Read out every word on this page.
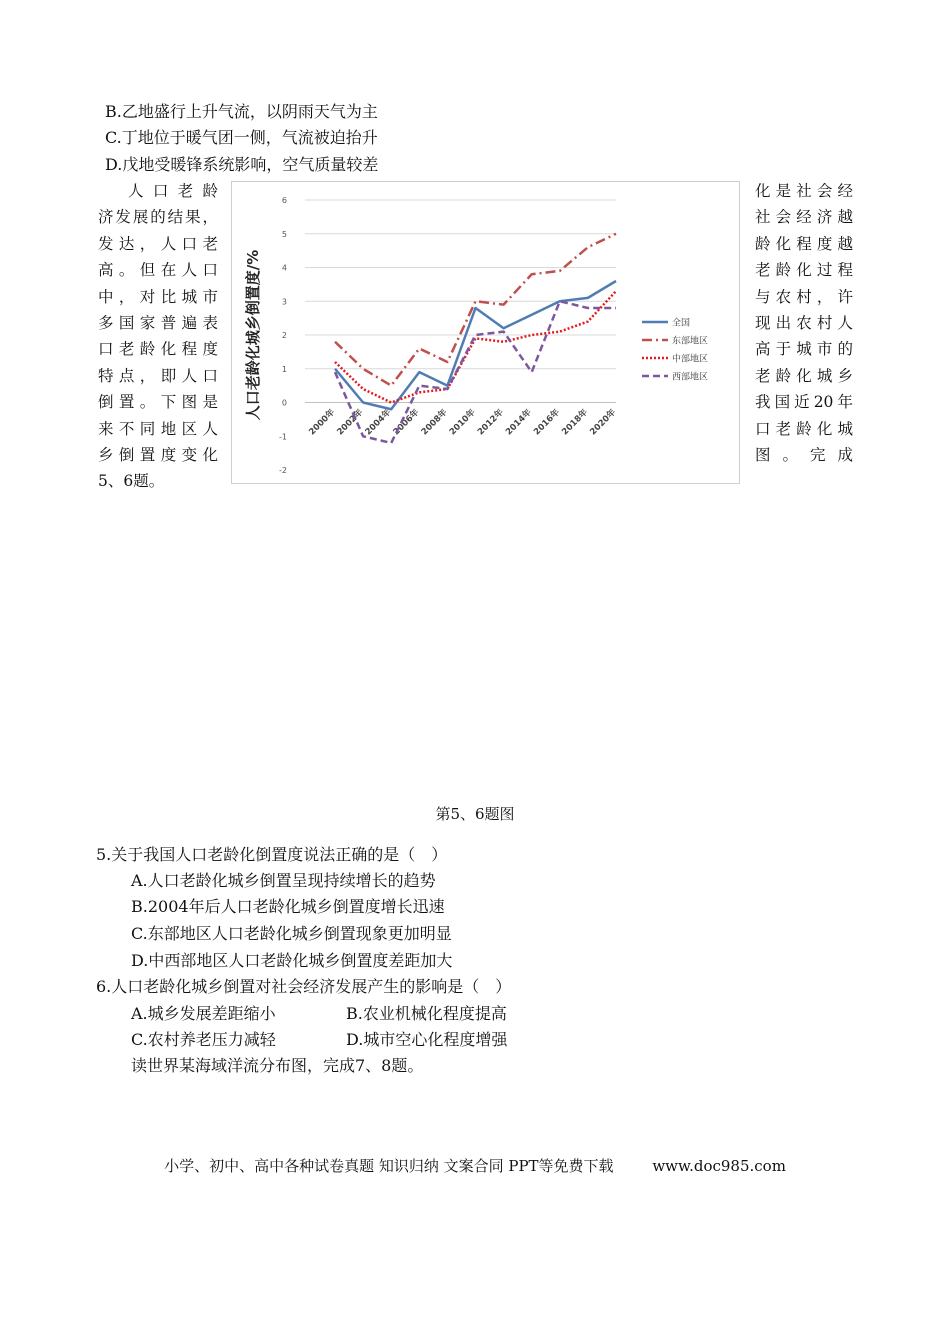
B.乙地盛行上升气流，以阴雨天气为主
C.丁地位于暖气团一侧，气流被迫抬升
D.戊地受暖锋系统影响，空气质量较差
人口老龄
济发展的结果，
发达，人口老
高。但在人口
中，对比城市
多国家普遍表
口老龄化程度
特点，即人口
倒置。下图是
来不同地区人
乡倒置度变化
5、6题。
化是社会经
社会经济越
龄化程度越
老龄化过程
与农村，许
现出农村人
高于城市的
老龄化城乡
我国近20年
口老龄化城
图。完成
-2
-1
0
1
2
3
4
5
6
2000年
2002年
2004年
2006年
2008年
2010年
2012年
2014年
2016年
2018年
2020年
人口老龄化城乡倒置度/%	全国
东部地区
中部地区
西部地区
第5、6题图
5.关于我国人口老龄化倒置度说法正确的是（　）
A.人口老龄化城乡倒置呈现持续增长的趋势
B.2004年后人口老龄化城乡倒置度增长迅速
C.东部地区人口老龄化城乡倒置现象更加明显
D.中西部地区人口老龄化城乡倒置度差距加大
6.人口老龄化城乡倒置对社会经济发展产生的影响是（　）
A.城乡发展差距缩小	B.农业机械化程度提高
C.农村养老压力减轻	D.城市空心化程度增强
读世界某海域洋流分布图，完成7、8题。
小学、初中、高中各种试卷真题 知识归纳 文案合同 PPT等免费下载	www.doc985.com
